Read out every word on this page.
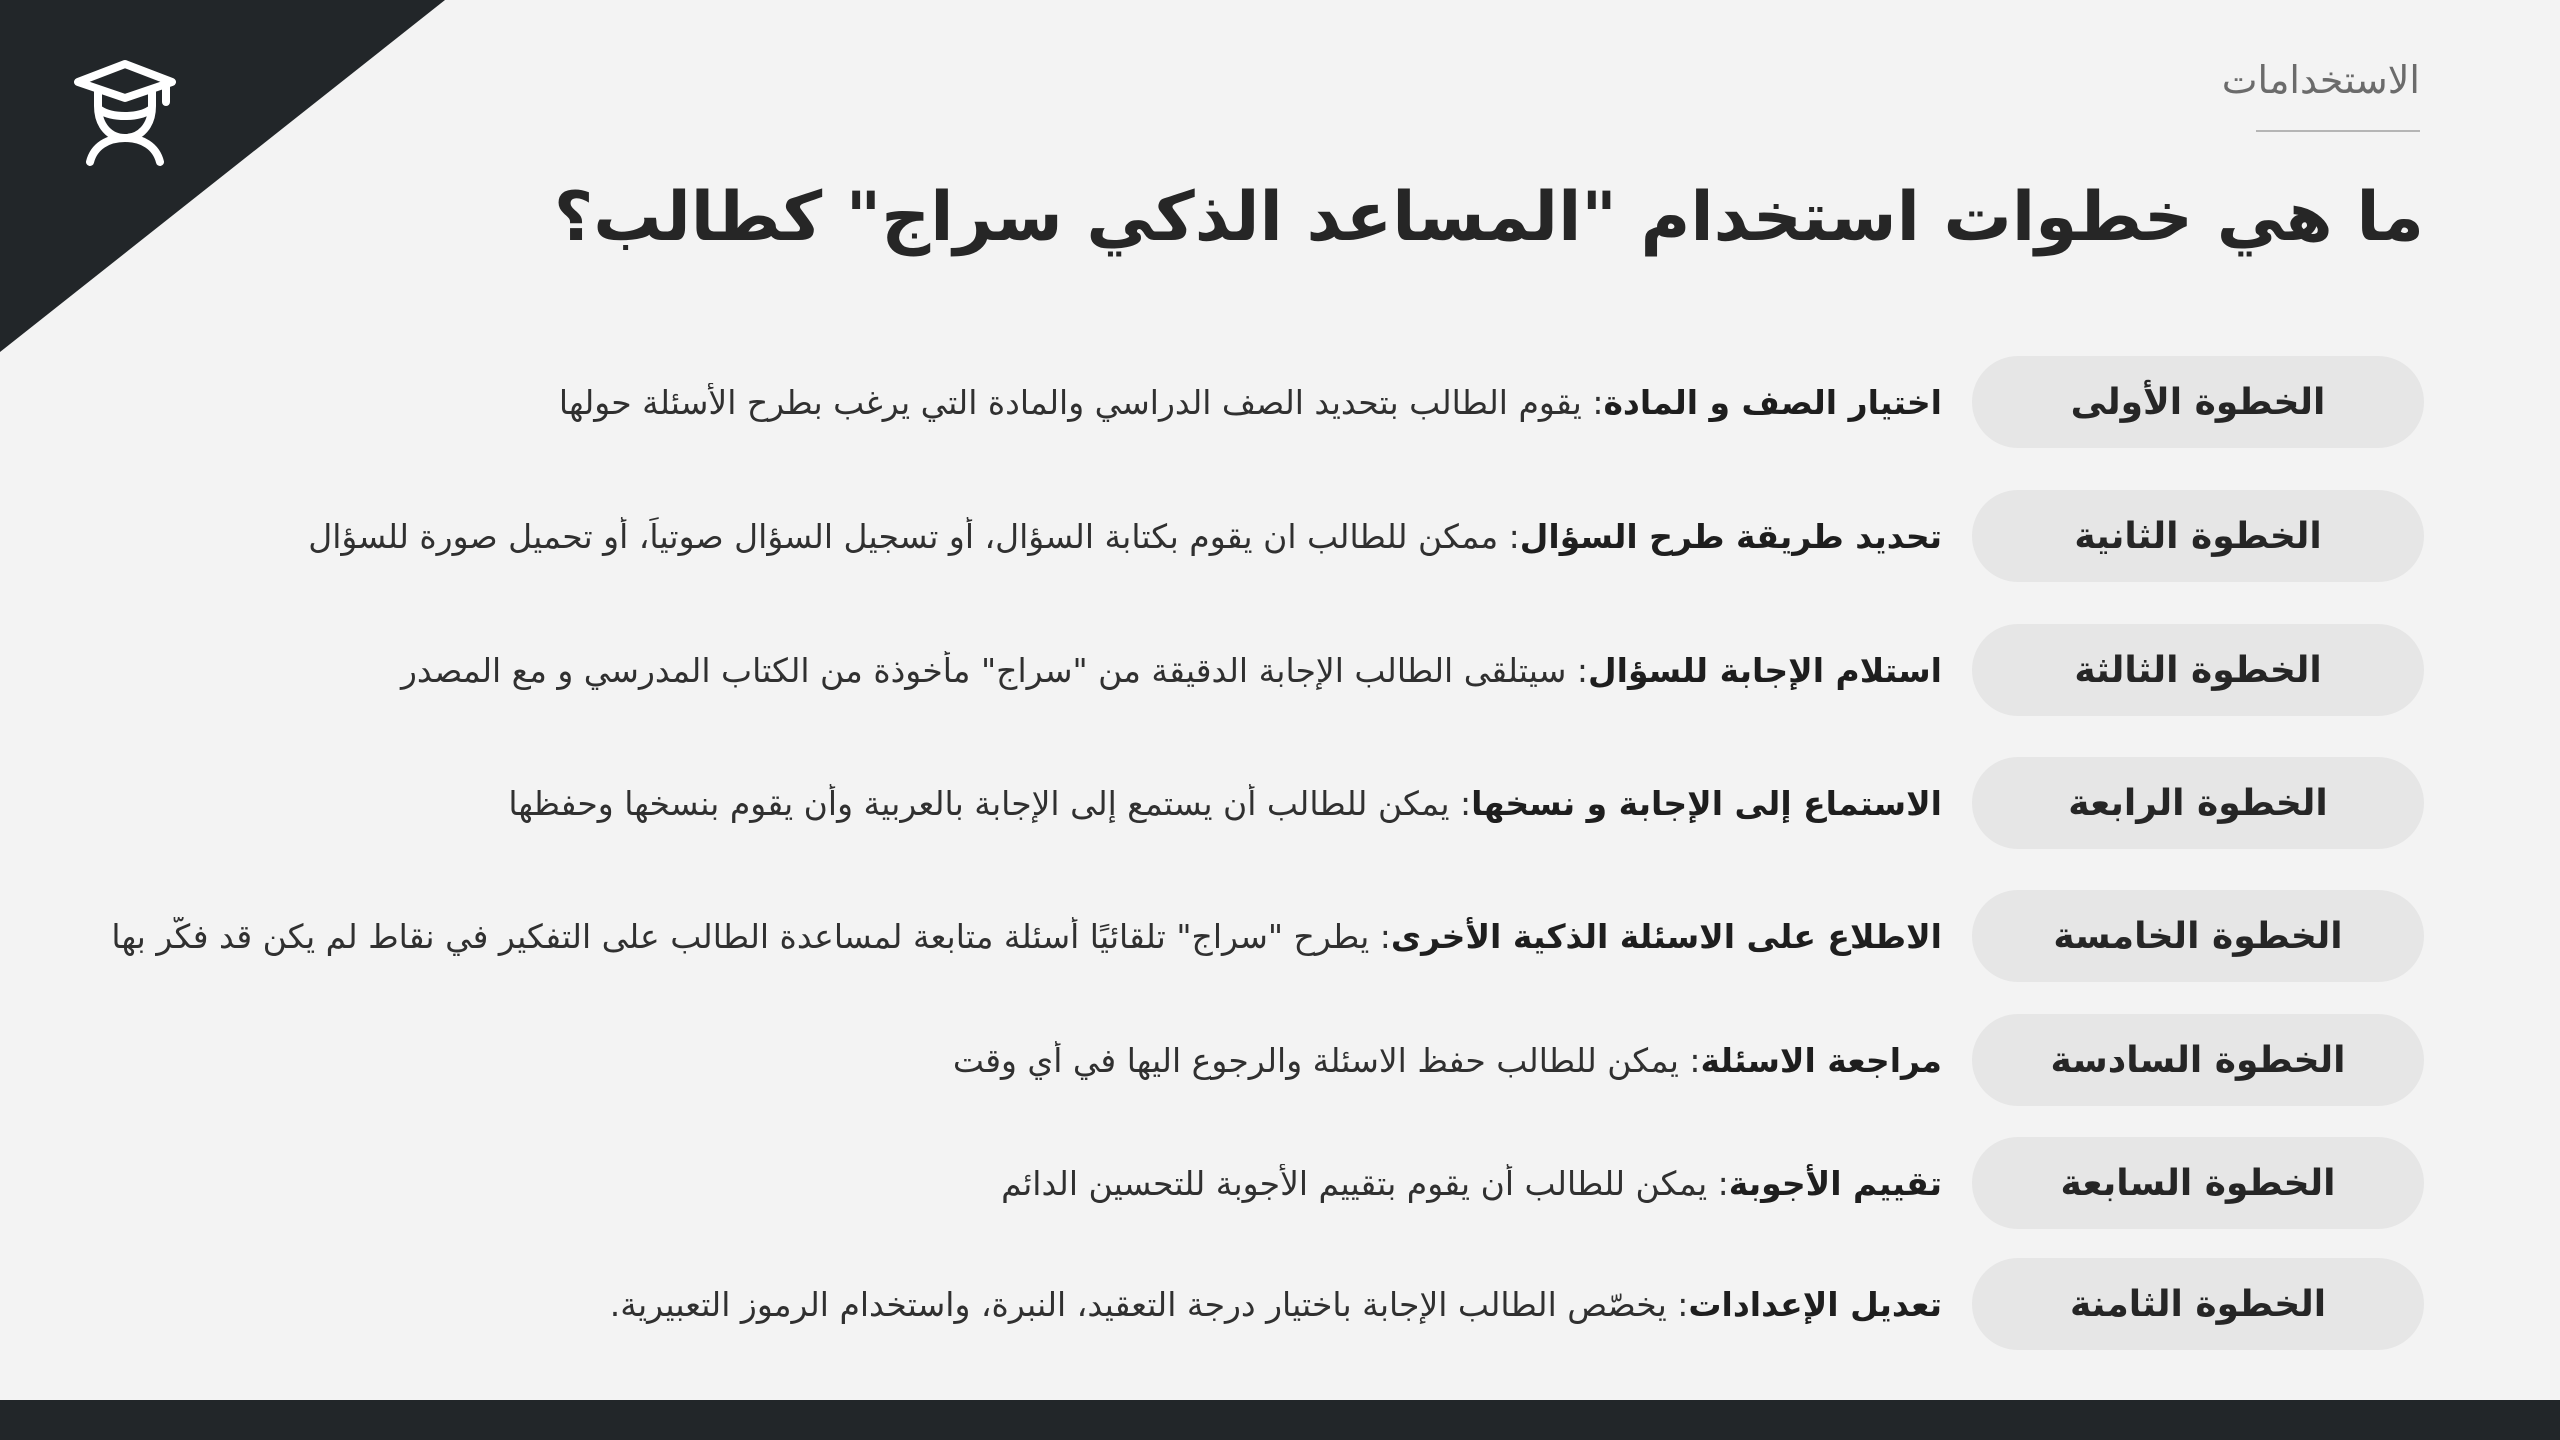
الاستخدامات
ما هي خطوات استخدام "المساعد الذكي سراج" كطالب؟
الخطوة الأولى
اختيار الصف و المادة: يقوم الطالب بتحديد الصف الدراسي والمادة التي يرغب بطرح الأسئلة حولها
الخطوة الثانية
تحديد طريقة طرح السؤال: ممكن للطالب ان يقوم بكتابة السؤال، أو تسجيل السؤال صوتياً، أو تحميل صورة للسؤال
الخطوة الثالثة
استلام الإجابة للسؤال: سيتلقى الطالب الإجابة الدقيقة من "سراج" مأخوذة من الكتاب المدرسي و مع المصدر
الخطوة الرابعة
الاستماع إلى الإجابة و نسخها: يمكن للطالب أن يستمع إلى الإجابة بالعربية وأن يقوم بنسخها وحفظها
الخطوة الخامسة
الاطلاع على الاسئلة الذكية الأخرى: يطرح "سراج" تلقائيًا أسئلة متابعة لمساعدة الطالب على التفكير في نقاط لم يكن قد فكّر بها
الخطوة السادسة
مراجعة الاسئلة: يمكن للطالب حفظ الاسئلة والرجوع اليها في أي وقت
الخطوة السابعة
تقييم الأجوبة: يمكن للطالب أن يقوم بتقييم الأجوبة للتحسين الدائم
الخطوة الثامنة
تعديل الإعدادات: يخصّص الطالب الإجابة باختيار درجة التعقيد، النبرة، واستخدام الرموز التعبيرية.
